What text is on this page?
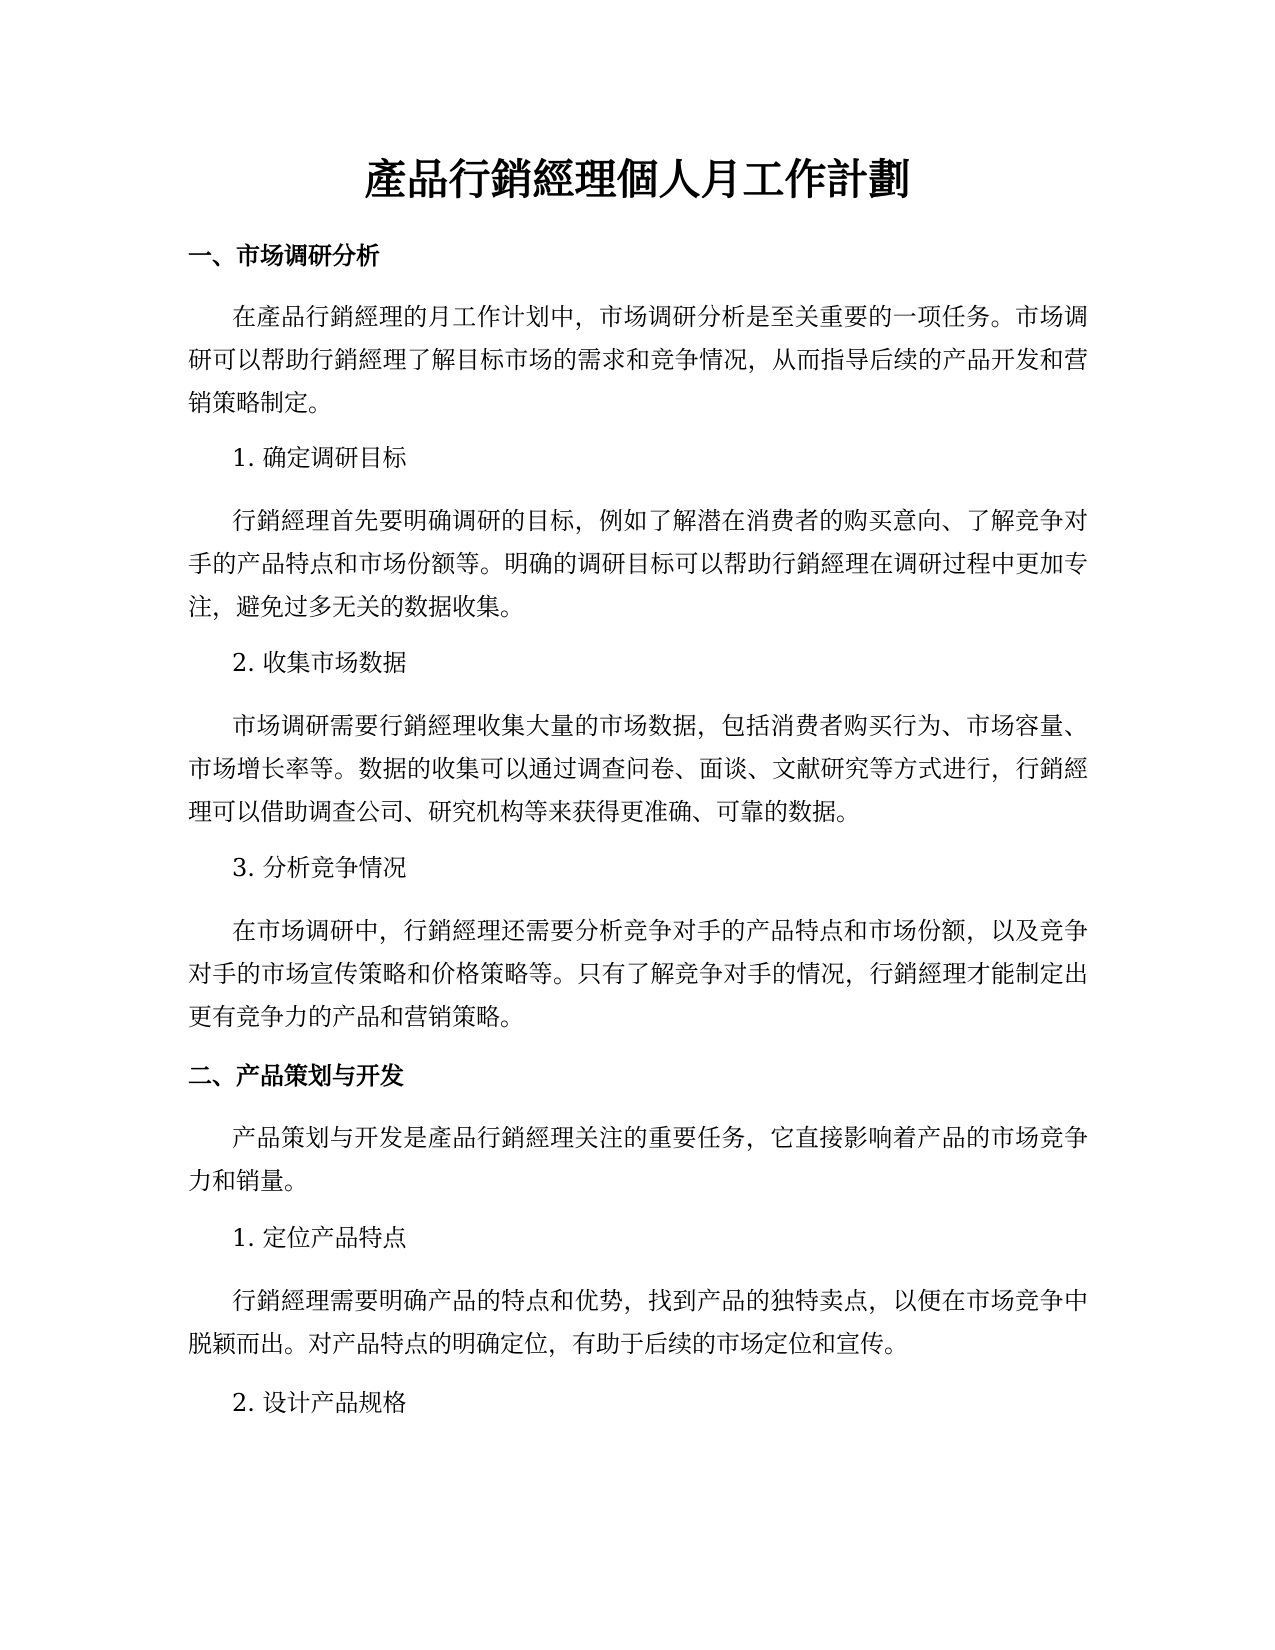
產品行銷經理個人月工作計劃
一、市场调研分析
在產品行銷經理的月工作计划中，市场调研分析是至关重要的一项任务。市场调研可以帮助行銷經理了解目标市场的需求和竞争情况，从而指导后续的产品开发和营销策略制定。
1. 确定调研目标
行銷經理首先要明确调研的目标，例如了解潜在消费者的购买意向、了解竞争对手的产品特点和市场份额等。明确的调研目标可以帮助行銷經理在调研过程中更加专注，避免过多无关的数据收集。
2. 收集市场数据
市场调研需要行銷經理收集大量的市场数据，包括消费者购买行为、市场容量、市场增长率等。数据的收集可以通过调查问卷、面谈、文献研究等方式进行，行銷經理可以借助调查公司、研究机构等来获得更准确、可靠的数据。
3. 分析竞争情况
在市场调研中，行銷經理还需要分析竞争对手的产品特点和市场份额，以及竞争对手的市场宣传策略和价格策略等。只有了解竞争对手的情况，行銷經理才能制定出更有竞争力的产品和营销策略。
二、产品策划与开发
产品策划与开发是產品行銷經理关注的重要任务，它直接影响着产品的市场竞争力和销量。
1. 定位产品特点
行銷經理需要明确产品的特点和优势，找到产品的独特卖点，以便在市场竞争中脱颖而出。对产品特点的明确定位，有助于后续的市场定位和宣传。
2. 设计产品规格
